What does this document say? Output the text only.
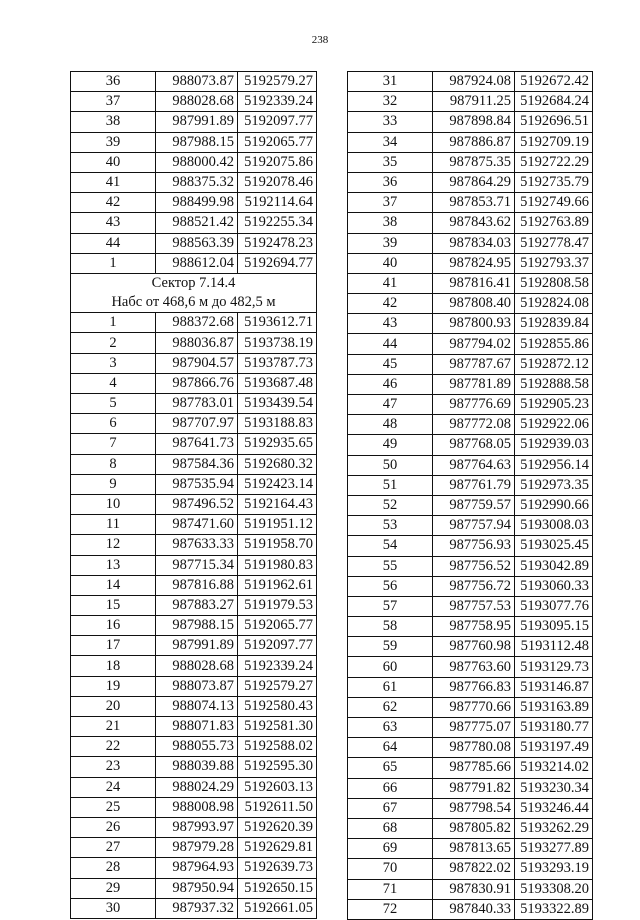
238
36	988073.87	5192579.27
37	988028.68	5192339.24
38	987991.89	5192097.77
39	987988.15	5192065.77
40	988000.42	5192075.86
41	988375.32	5192078.46
42	988499.98	5192114.64
43	988521.42	5192255.34
44	988563.39	5192478.23
1	988612.04	5192694.77
Сектор 7.14.4		
Набс от 468,6 м до 482,5 м		
1	988372.68	5193612.71
2	988036.87	5193738.19
3	987904.57	5193787.73
4	987866.76	5193687.48
5	987783.01	5193439.54
6	987707.97	5193188.83
7	987641.73	5192935.65
8	987584.36	5192680.32
9	987535.94	5192423.14
10	987496.52	5192164.43
11	987471.60	5191951.12
12	987633.33	5191958.70
13	987715.34	5191980.83
14	987816.88	5191962.61
15	987883.27	5191979.53
16	987988.15	5192065.77
17	987991.89	5192097.77
18	988028.68	5192339.24
19	988073.87	5192579.27
20	988074.13	5192580.43
21	988071.83	5192581.30
22	988055.73	5192588.02
23	988039.88	5192595.30
24	988024.29	5192603.13
25	988008.98	5192611.50
26	987993.97	5192620.39
27	987979.28	5192629.81
28	987964.93	5192639.73
29	987950.94	5192650.15
30	987937.32	5192661.05
31	987924.08	5192672.42
32	987911.25	5192684.24
33	987898.84	5192696.51
34	987886.87	5192709.19
35	987875.35	5192722.29
36	987864.29	5192735.79
37	987853.71	5192749.66
38	987843.62	5192763.89
39	987834.03	5192778.47
40	987824.95	5192793.37
41	987816.41	5192808.58
42	987808.40	5192824.08
43	987800.93	5192839.84
44	987794.02	5192855.86
45	987787.67	5192872.12
46	987781.89	5192888.58
47	987776.69	5192905.23
48	987772.08	5192922.06
49	987768.05	5192939.03
50	987764.63	5192956.14
51	987761.79	5192973.35
52	987759.57	5192990.66
53	987757.94	5193008.03
54	987756.93	5193025.45
55	987756.52	5193042.89
56	987756.72	5193060.33
57	987757.53	5193077.76
58	987758.95	5193095.15
59	987760.98	5193112.48
60	987763.60	5193129.73
61	987766.83	5193146.87
62	987770.66	5193163.89
63	987775.07	5193180.77
64	987780.08	5193197.49
65	987785.66	5193214.02
66	987791.82	5193230.34
67	987798.54	5193246.44
68	987805.82	5193262.29
69	987813.65	5193277.89
70	987822.02	5193293.19
71	987830.91	5193308.20
72	987840.33	5193322.89
